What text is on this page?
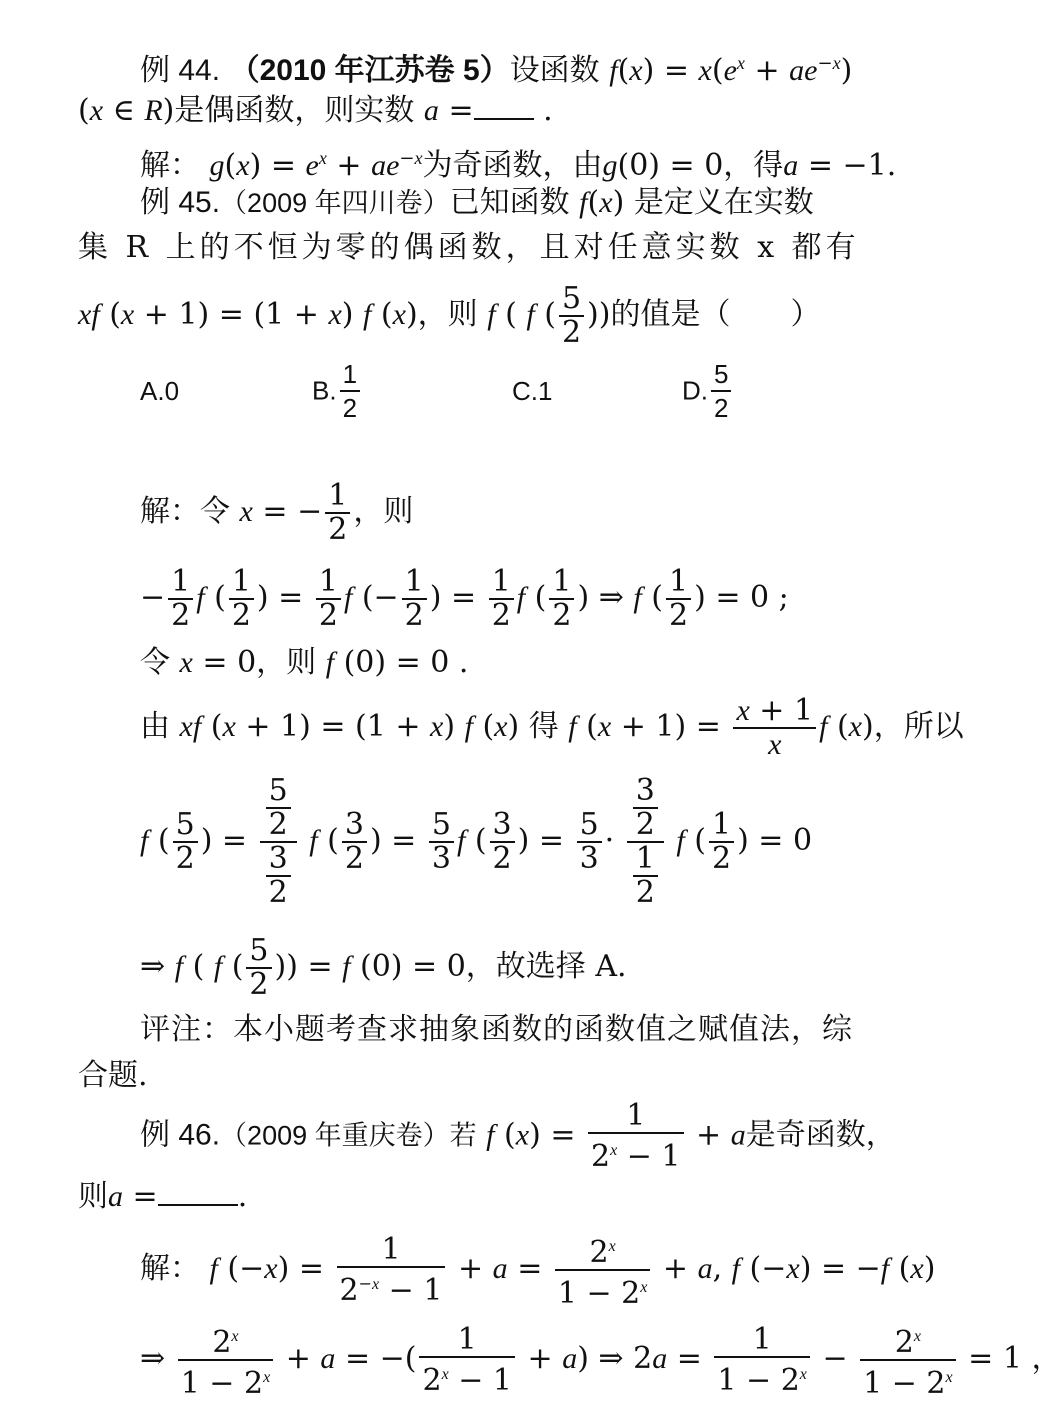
例 44. （2010 年江苏卷 5）设函数 $f(x) = x(e^x + ae^{-x})$
(x ∈ R)是偶函数，则实数 a = .
解： $g(x) = e^x + ae^{-x}$为奇函数，由g(0) = 0，得a = −1.
例 45.（2009 年四川卷）已知函数 f(x) 是定义在实数
集 R 上的不恒为零的偶函数，且对任意实数 x 都有
xf (x + 1) = (1 + x) f (x)，则 f ( f ( $\frac{5}{2}$ ))的值是（　　）
A.0	B. $\frac{1}{2}$	C.1	D. $\frac{5}{2}$
解：令 x = − $\frac{1}{2}$ ，则
− $\frac{1}{2}$ f ( $\frac{1}{2}$ ) = $\frac{1}{2}$ f (− $\frac{1}{2}$ ) = $\frac{1}{2}$ f ( $\frac{1}{2}$ ) ⇒ f ( $\frac{1}{2}$ ) = 0 ;
令 x = 0，则 f (0) = 0 .
由 xf (x + 1) = (1 + x) f (x) 得 f $(x + 1) = \frac{x + 1}{x}$ f (x)，所以
f ( $\frac{5}{2}$ ) = $\frac{\frac{5}{2}}{\frac{3}{2}}$ f ( $\frac{3}{2}$ ) = $\frac{5}{3}$ f ( $\frac{3}{2}$ ) = $\frac{5}{3} \cdot \frac{\frac{3}{2}}{\frac{1}{2}}$ f ( $\frac{1}{2}$ ) = 0
⇒ f ( f ( $\frac{5}{2}$ )) = f (0) = 0，故选择 A.
评注：本小题考查求抽象函数的函数值之赋值法，综
合题.
例 46.（2009 年重庆卷）若 f $(x) = \frac{1}{2^x - 1} + a$是奇函数，
则a =	.
解： f $(-x) = \frac{1}{2^{-x} - 1} + a = \frac{2^x}{1 - 2^x} + a$, f (−x) = −f (x)
⇒ $\frac{2^x}{1 - 2^x} + a$ = −( $\frac{1}{2^x - 1} + a$) ⇒ $2a = \frac{1}{1 - 2^x} - \frac{2^x}{1 - 2^x} = 1$ ，
